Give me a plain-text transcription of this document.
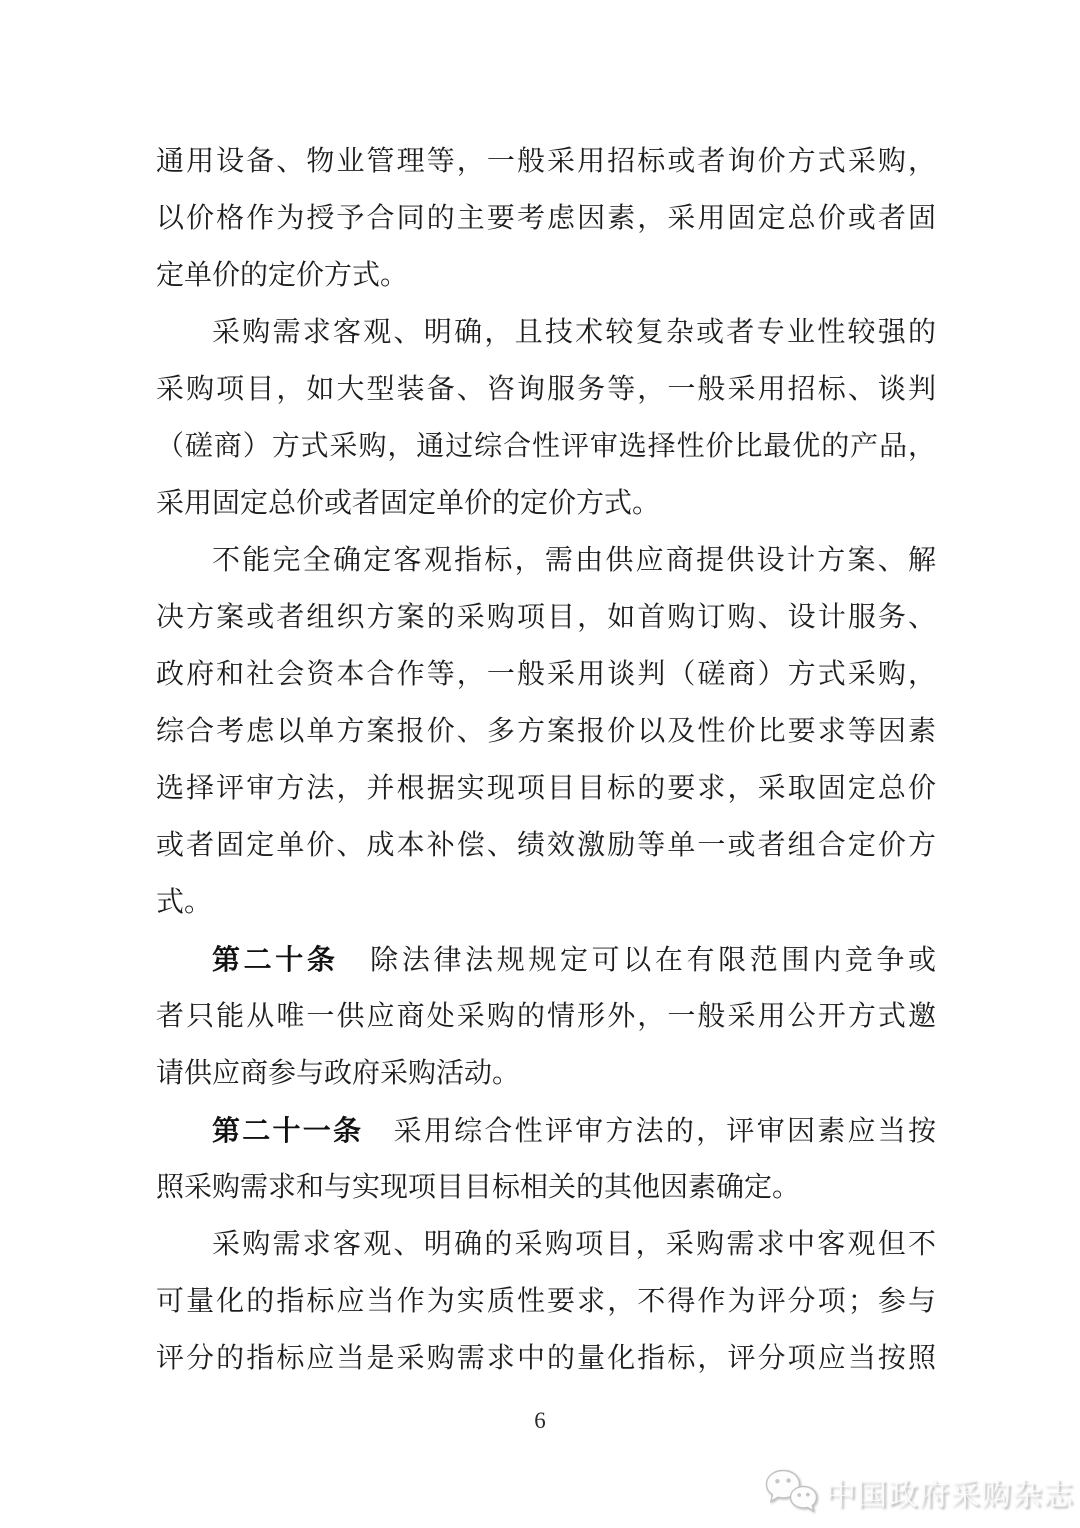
通用设备、物业管理等，一般采用招标或者询价方式采购，
以价格作为授予合同的主要考虑因素，采用固定总价或者固
定单价的定价方式。
采购需求客观、明确，且技术较复杂或者专业性较强的
采购项目，如大型装备、咨询服务等，一般采用招标、谈判
（磋商）方式采购，通过综合性评审选择性价比最优的产品，
采用固定总价或者固定单价的定价方式。
不能完全确定客观指标，需由供应商提供设计方案、解
决方案或者组织方案的采购项目，如首购订购、设计服务、
政府和社会资本合作等，一般采用谈判（磋商）方式采购，
综合考虑以单方案报价、多方案报价以及性价比要求等因素
选择评审方法，并根据实现项目目标的要求，采取固定总价
或者固定单价、成本补偿、绩效激励等单一或者组合定价方
式。
第二十条　除法律法规规定可以在有限范围内竞争或
者只能从唯一供应商处采购的情形外，一般采用公开方式邀
请供应商参与政府采购活动。
第二十一条　采用综合性评审方法的，评审因素应当按
照采购需求和与实现项目目标相关的其他因素确定。
采购需求客观、明确的采购项目，采购需求中客观但不
可量化的指标应当作为实质性要求，不得作为评分项；参与
评分的指标应当是采购需求中的量化指标，评分项应当按照
6
中国政府采购杂志
